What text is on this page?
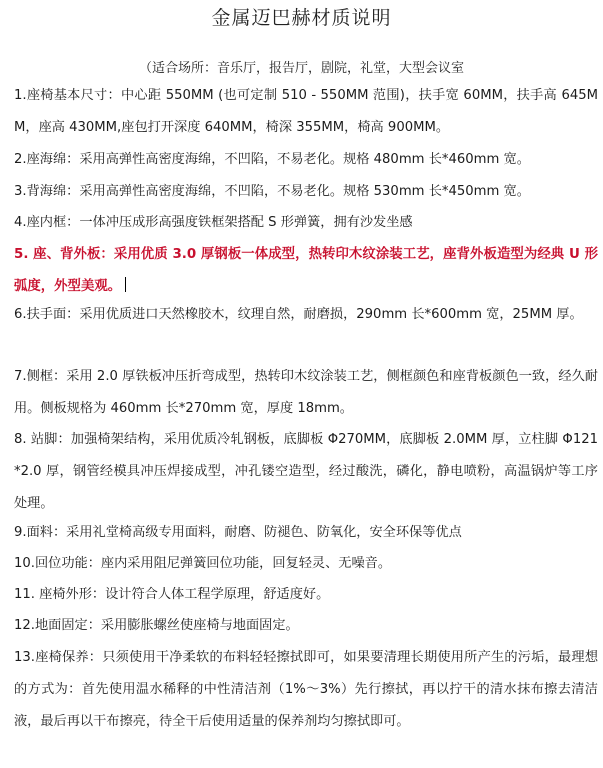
金属迈巴赫材质说明
（适合场所：音乐厅，报告厅，剧院，礼堂，大型会议室

1.座椅基本尺寸：中心距 550MM (也可定制 510 - 550MM 范围)，扶手宽 60MM，扶手高 645MM，座高 430MM,座包打开深度 640MM，椅深 355MM，椅高 900MM。

2.座海绵：采用高弹性高密度海绵，不凹陷，不易老化。规格 480mm 长*460mm 宽。

3.背海绵：采用高弹性高密度海绵，不凹陷，不易老化。规格 530mm 长*450mm 宽。

4.座内框：一体冲压成形高强度铁框架搭配 S 形弹簧，拥有沙发坐感

5. 座、背外板：采用优质 3.0 厚钢板一体成型，热转印木纹涂装工艺，座背外板造型为经典 U 形弧度，外型美观。

6.扶手面：采用优质进口天然橡胶木，纹理自然，耐磨损，290mm 长*600mm 宽，25MM 厚。

7.侧框：采用 2.0 厚铁板冲压折弯成型，热转印木纹涂装工艺，侧框颜色和座背板颜色一致，经久耐用。侧板规格为 460mm 长*270mm 宽，厚度 18mm。

8. 站脚：加强椅架结构，采用优质冷轧钢板，底脚板 Φ270MM，底脚板 2.0MM 厚，立柱脚 Φ121*2.0 厚，钢管经模具冲压焊接成型，冲孔镂空造型，经过酸洗，磷化，静电喷粉，高温锅炉等工序处理。

9.面料：采用礼堂椅高级专用面料，耐磨、防褪色、防氧化，安全环保等优点

10.回位功能：座内采用阻尼弹簧回位功能，回复轻灵、无噪音。

11. 座椅外形：设计符合人体工程学原理，舒适度好。

12.地面固定：采用膨胀螺丝使座椅与地面固定。

13.座椅保养：只须使用干净柔软的布料轻轻擦拭即可，如果要清理长期使用所产生的污垢，最理想的方式为：首先使用温水稀释的中性清洁剂（1%～3%）先行擦拭，再以拧干的清水抹布擦去清洁液，最后再以干布擦亮，待全干后使用适量的保养剂均匀擦拭即可。
